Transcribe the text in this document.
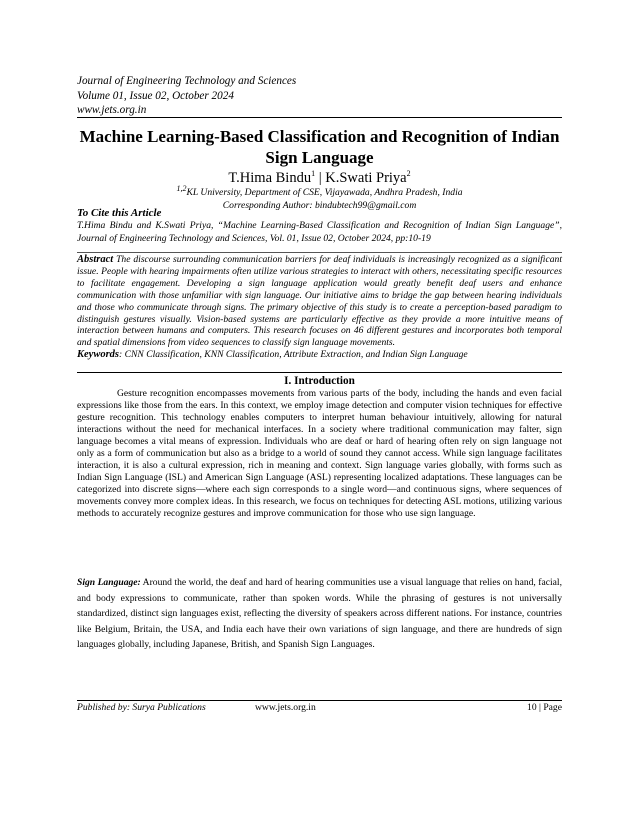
Journal of Engineering Technology and Sciences
Volume 01, Issue 02, October 2024
www.jets.org.in
Machine Learning-Based Classification and Recognition of Indian Sign Language
T.Hima Bindu$^1$ | K.Swati Priya$^2$
$^{1,2}$KL University, Department of CSE, Vijayawada, Andhra Pradesh, India
Corresponding Author: bindubtech99@gmail.com
To Cite this Article
T.Hima Bindu and K.Swati Priya, “Machine Learning-Based Classification and Recognition of Indian Sign Language”, Journal of Engineering Technology and Sciences, Vol. 01, Issue 02, October 2024, pp:10-19
Abstract The discourse surrounding communication barriers for deaf individuals is increasingly recognized as a significant issue. People with hearing impairments often utilize various strategies to interact with others, necessitating specific resources to facilitate engagement. Developing a sign language application would greatly benefit deaf users and enhance communication with those unfamiliar with sign language. Our initiative aims to bridge the gap between hearing individuals and those who communicate through signs. The primary objective of this study is to create a perception-based paradigm to distinguish gestures visually. Vision-based systems are particularly effective as they provide a more intuitive means of interaction between humans and computers. This research focuses on 46 different gestures and incorporates both temporal and spatial dimensions from video sequences to classify sign language movements.
Keywords: CNN Classification, KNN Classification, Attribute Extraction, and Indian Sign Language
I. Introduction
Gesture recognition encompasses movements from various parts of the body, including the hands and even facial expressions like those from the ears. In this context, we employ image detection and computer vision techniques for effective gesture recognition. This technology enables computers to interpret human behaviour intuitively, allowing for natural interactions without the need for mechanical interfaces. In a society where traditional communication may falter, sign language becomes a vital means of expression. Individuals who are deaf or hard of hearing often rely on sign language not only as a form of communication but also as a bridge to a world of sound they cannot access. While sign language facilitates interaction, it is also a cultural expression, rich in meaning and context. Sign language varies globally, with forms such as Indian Sign Language (ISL) and American Sign Language (ASL) representing localized adaptations. These languages can be categorized into discrete signs—where each sign corresponds to a single word—and continuous signs, where sequences of movements convey more complex ideas. In this research, we focus on techniques for detecting ASL motions, utilizing various methods to accurately recognize gestures and improve communication for those who use sign language.
Sign Language: Around the world, the deaf and hard of hearing communities use a visual language that relies on hand, facial, and body expressions to communicate, rather than spoken words. While the phrasing of gestures is not universally standardized, distinct sign languages exist, reflecting the diversity of speakers across different nations. For instance, countries like Belgium, Britain, the USA, and India each have their own variations of sign language, and there are hundreds of sign languages globally, including Japanese, British, and Spanish Sign Languages.
Published by: Surya Publications	www.jets.org.in	10 | Page
